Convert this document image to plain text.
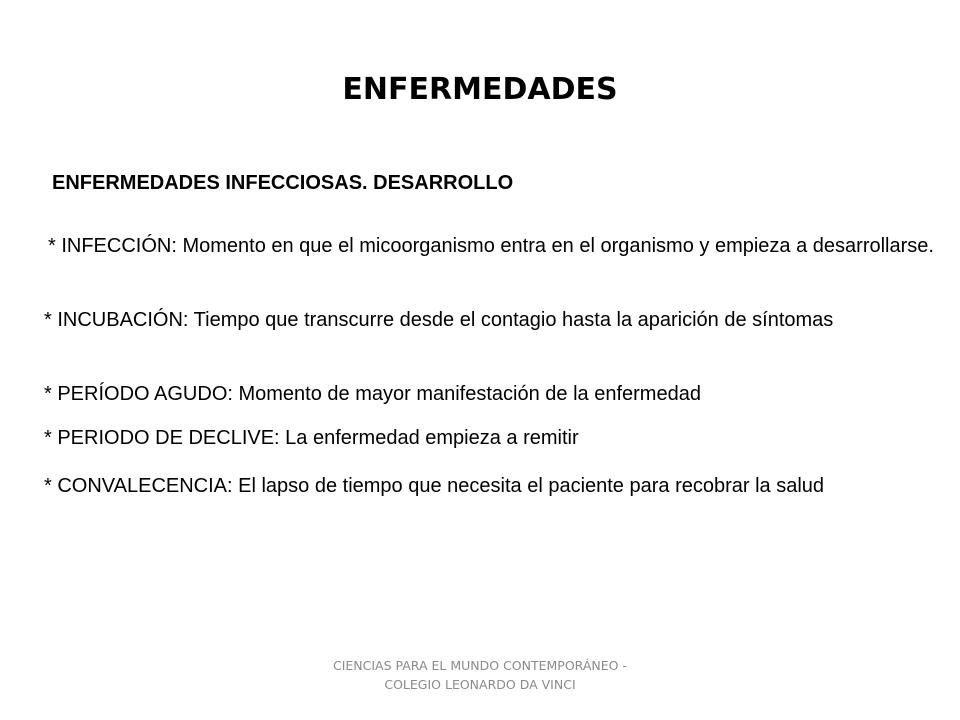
ENFERMEDADES
ENFERMEDADES INFECCIOSAS. DESARROLLO
* INFECCIÓN: Momento en que el micoorganismo entra en el organismo y empieza a desarrollarse.
* INCUBACIÓN: Tiempo que transcurre desde el contagio hasta la aparición de síntomas
* PERÍODO AGUDO: Momento de mayor manifestación de la enfermedad
* PERIODO DE DECLIVE: La enfermedad empieza a remitir
* CONVALECENCIA: El lapso de tiempo que necesita el paciente para recobrar la salud
CIENCIAS PARA EL MUNDO CONTEMPORÁNEO - COLEGIO LEONARDO DA VINCI
